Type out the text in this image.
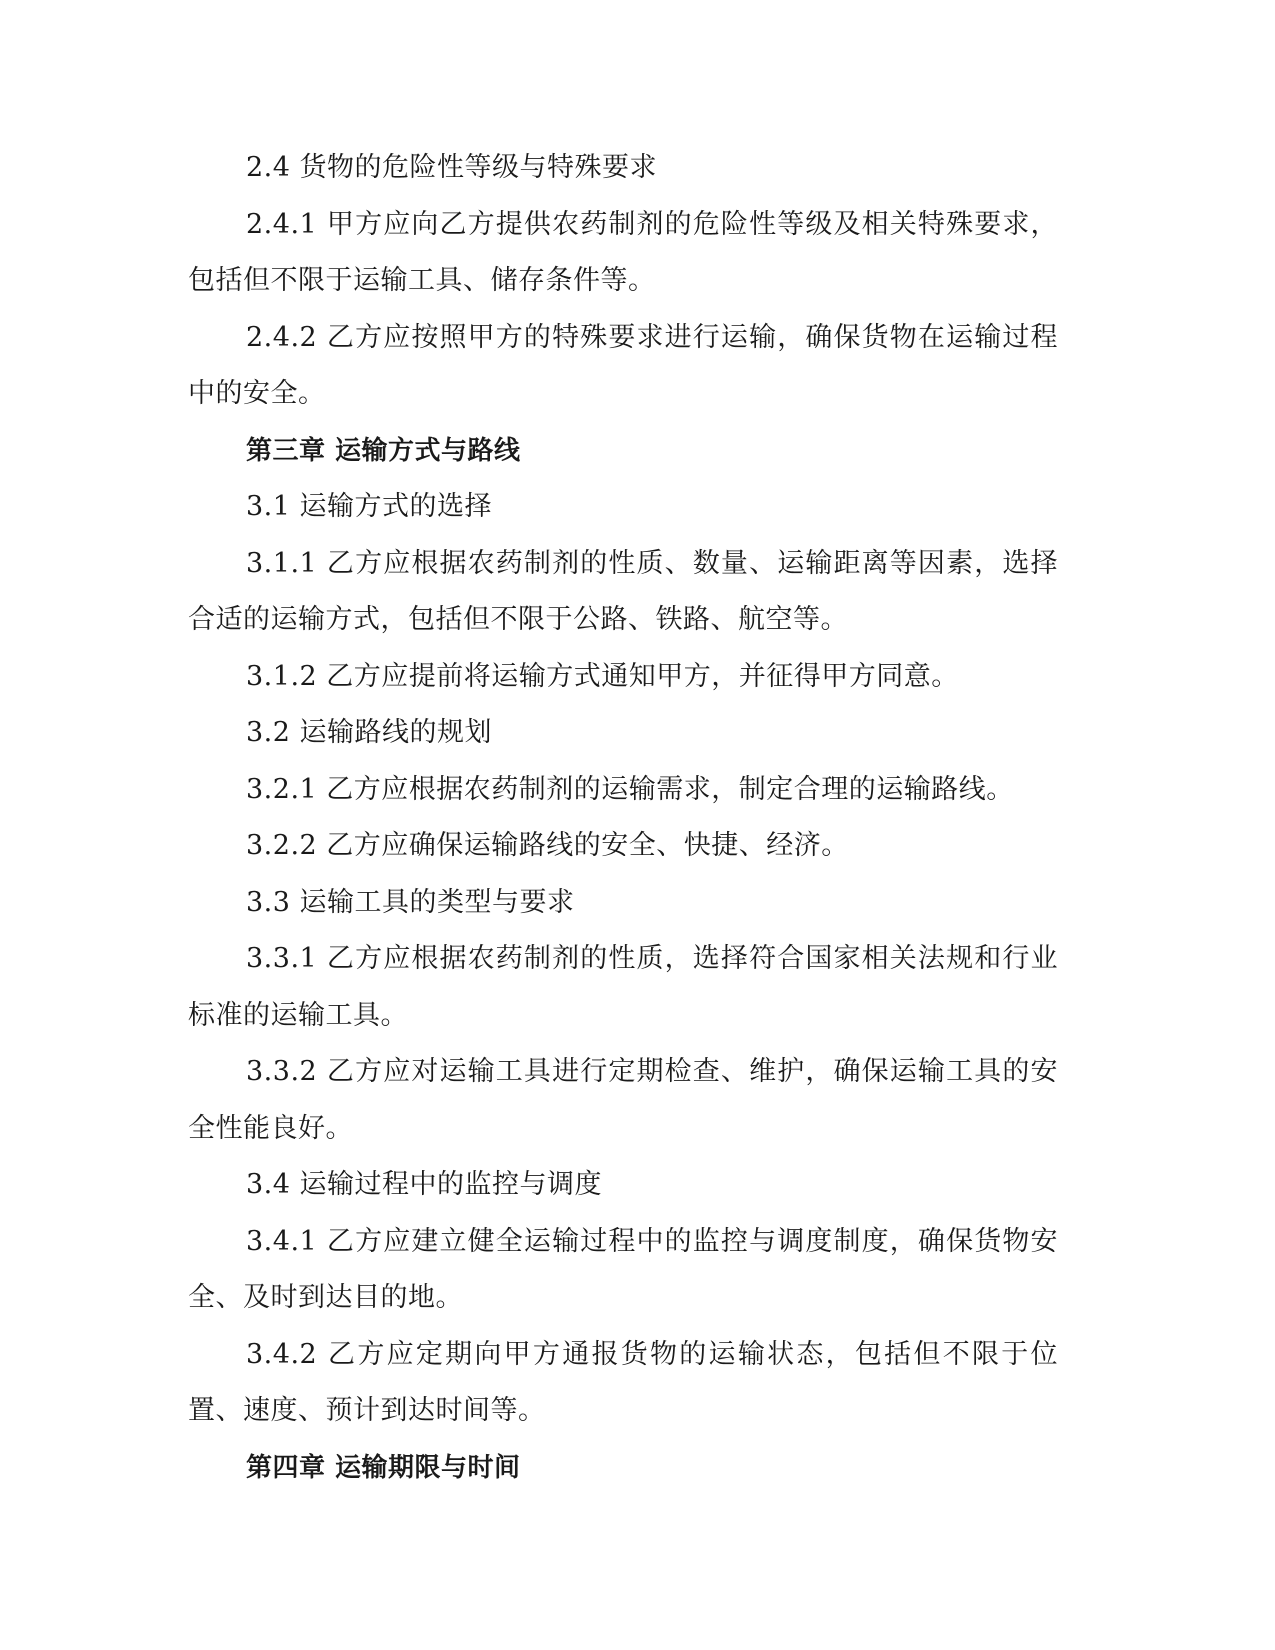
2.4 货物的危险性等级与特殊要求

2.4.1 甲方应向乙方提供农药制剂的危险性等级及相关特殊要求，包括但不限于运输工具、储存条件等。

2.4.2 乙方应按照甲方的特殊要求进行运输，确保货物在运输过程中的安全。

第三章 运输方式与路线

3.1 运输方式的选择

3.1.1 乙方应根据农药制剂的性质、数量、运输距离等因素，选择合适的运输方式，包括但不限于公路、铁路、航空等。

3.1.2 乙方应提前将运输方式通知甲方，并征得甲方同意。

3.2 运输路线的规划

3.2.1 乙方应根据农药制剂的运输需求，制定合理的运输路线。

3.2.2 乙方应确保运输路线的安全、快捷、经济。

3.3 运输工具的类型与要求

3.3.1 乙方应根据农药制剂的性质，选择符合国家相关法规和行业标准的运输工具。

3.3.2 乙方应对运输工具进行定期检查、维护，确保运输工具的安全性能良好。

3.4 运输过程中的监控与调度

3.4.1 乙方应建立健全运输过程中的监控与调度制度，确保货物安全、及时到达目的地。

3.4.2 乙方应定期向甲方通报货物的运输状态，包括但不限于位置、速度、预计到达时间等。

第四章 运输期限与时间
